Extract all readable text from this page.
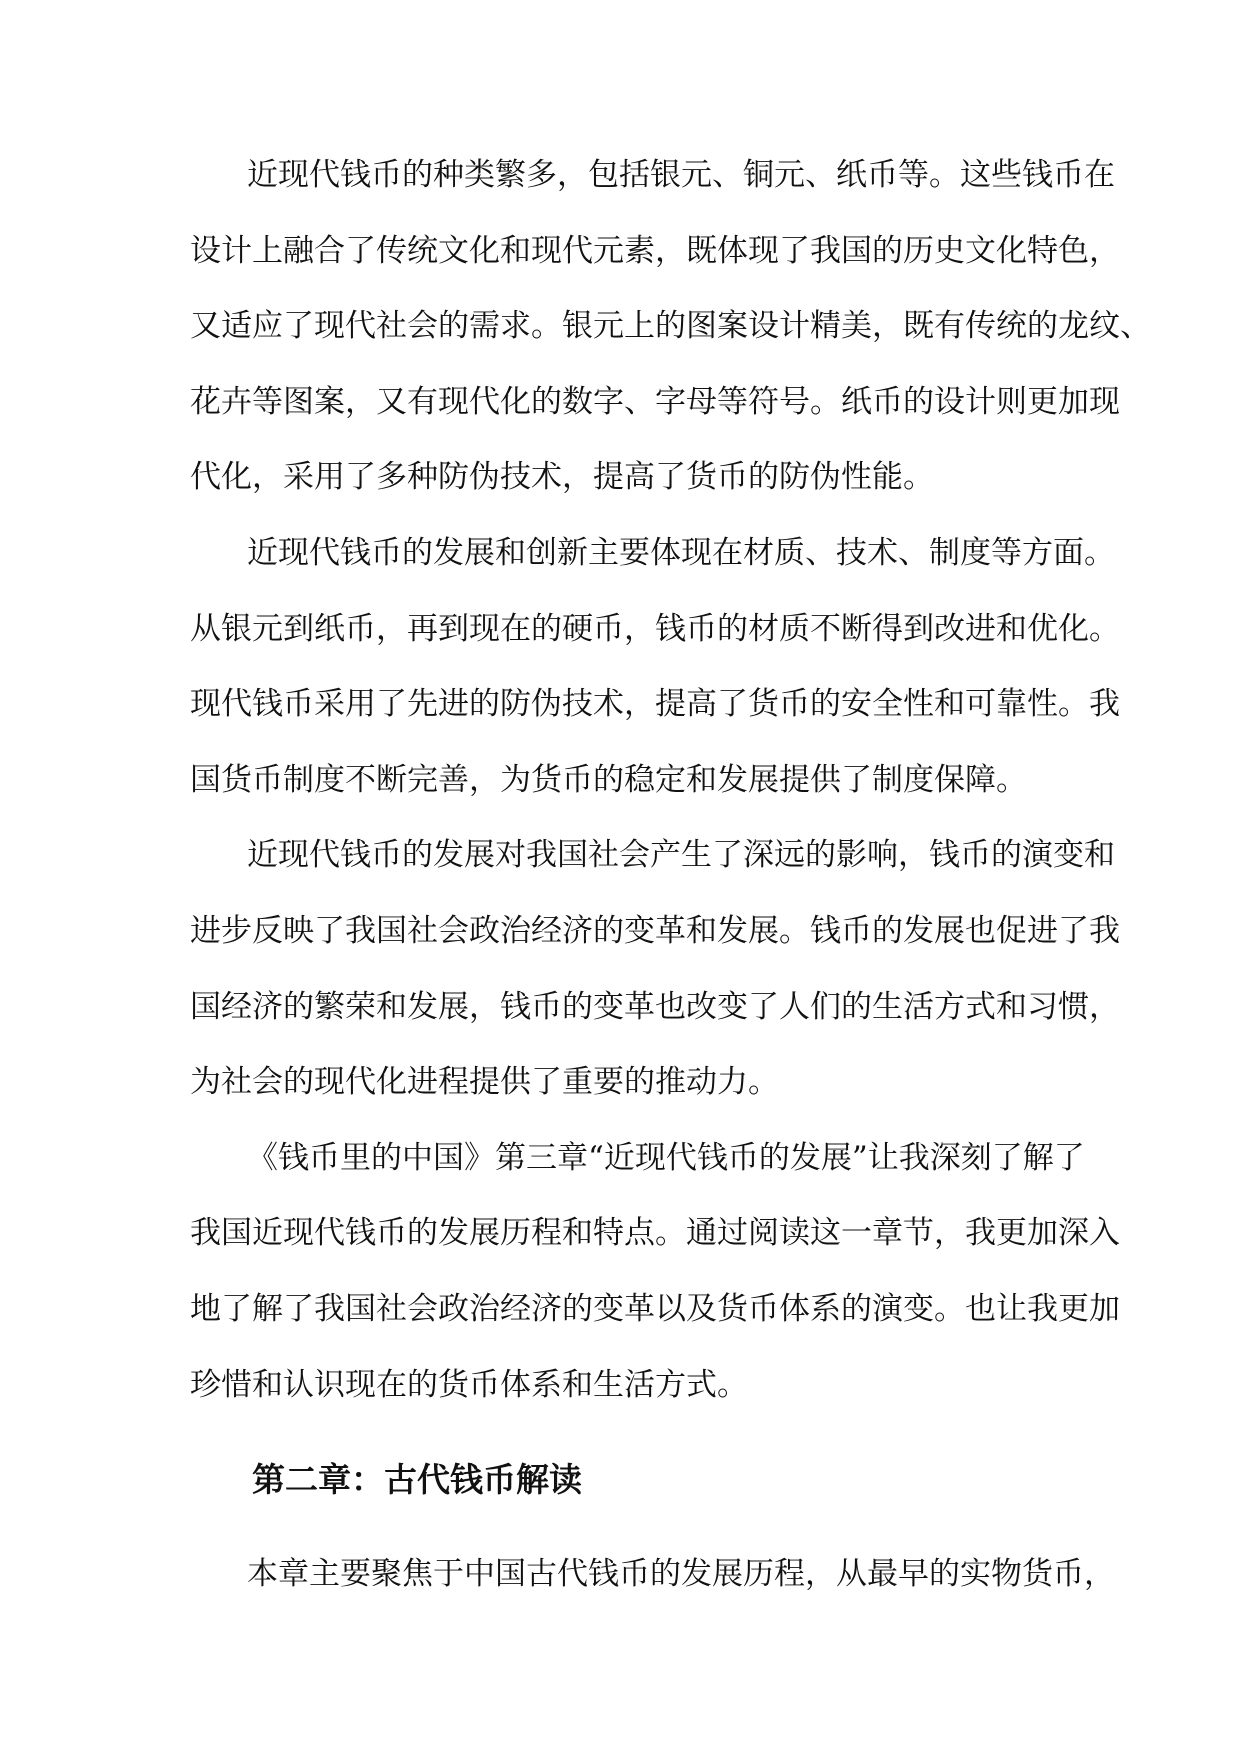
近现代钱币的种类繁多，包括银元、铜元、纸币等。这些钱币在
设计上融合了传统文化和现代元素，既体现了我国的历史文化特色，
又适应了现代社会的需求。银元上的图案设计精美，既有传统的龙纹、
花卉等图案，又有现代化的数字、字母等符号。纸币的设计则更加现
代化，采用了多种防伪技术，提高了货币的防伪性能。
近现代钱币的发展和创新主要体现在材质、技术、制度等方面。
从银元到纸币，再到现在的硬币，钱币的材质不断得到改进和优化。
现代钱币采用了先进的防伪技术，提高了货币的安全性和可靠性。我
国货币制度不断完善，为货币的稳定和发展提供了制度保障。
近现代钱币的发展对我国社会产生了深远的影响，钱币的演变和
进步反映了我国社会政治经济的变革和发展。钱币的发展也促进了我
国经济的繁荣和发展，钱币的变革也改变了人们的生活方式和习惯，
为社会的现代化进程提供了重要的推动力。
《钱币里的中国》第三章“近现代钱币的发展”让我深刻了解了
我国近现代钱币的发展历程和特点。通过阅读这一章节，我更加深入
地了解了我国社会政治经济的变革以及货币体系的演变。也让我更加
珍惜和认识现在的货币体系和生活方式。
第二章：古代钱币解读
本章主要聚焦于中国古代钱币的发展历程，从最早的实物货币，
